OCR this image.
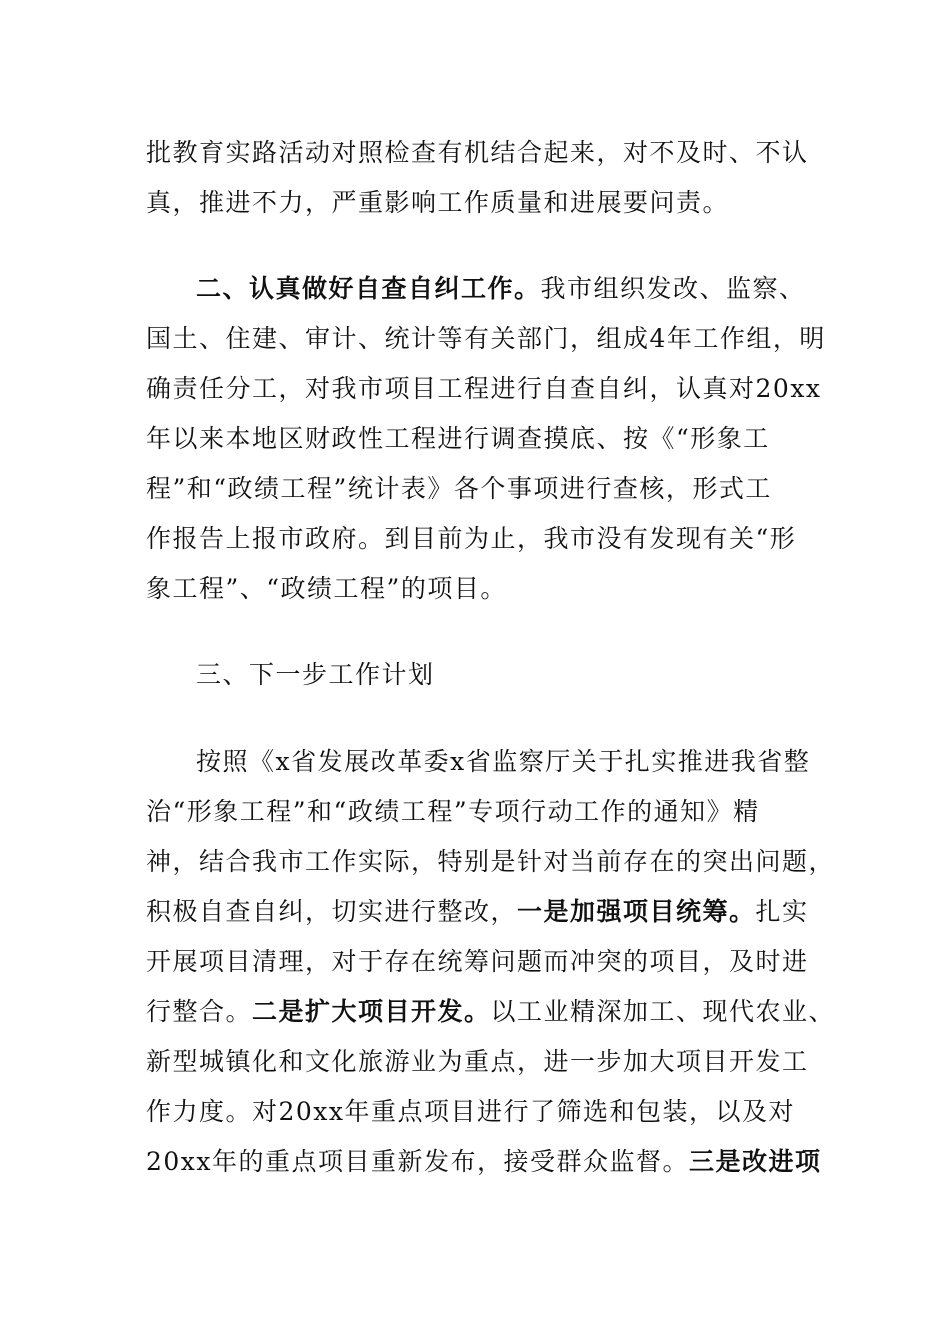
批教育实路活动对照检查有机结合起来，对不及时、不认
真，推进不力，严重影响工作质量和进展要问责。
二、认真做好自查自纠工作。我市组织发改、监察、
国土、住建、审计、统计等有关部门，组成4年工作组，明
确责任分工，对我市项目工程进行自查自纠，认真对20xx
年以来本地区财政性工程进行调查摸底、按《“形象工
程”和“政绩工程”统计表》各个事项进行查核，形式工
作报告上报市政府。到目前为止，我市没有发现有关“形
象工程”、“政绩工程”的项目。
三、下一步工作计划
按照《x省发展改革委x省监察厅关于扎实推进我省整
治“形象工程”和“政绩工程”专项行动工作的通知》精
神，结合我市工作实际，特别是针对当前存在的突出问题，
积极自查自纠，切实进行整改，一是加强项目统筹。扎实
开展项目清理，对于存在统筹问题而冲突的项目，及时进
行整合。二是扩大项目开发。以工业精深加工、现代农业、
新型城镇化和文化旅游业为重点，进一步加大项目开发工
作力度。对20xx年重点项目进行了筛选和包装，以及对
20xx年的重点项目重新发布，接受群众监督。三是改进项
